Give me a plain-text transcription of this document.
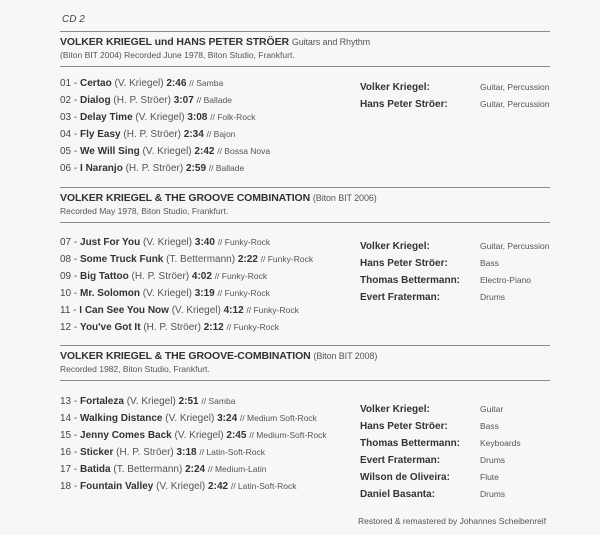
CD 2
VOLKER KRIEGEL und HANS PETER STRÖER Guitars and Rhythm
(Biton BIT 2004) Recorded June 1978, Biton Studio, Frankfurt.
01 - Certao (V. Kriegel) 2:46 // Samba
02 - Dialog (H. P. Ströer) 3:07 // Ballade
03 - Delay Time (V. Kriegel) 3:08 // Folk-Rock
04 - Fly Easy (H. P. Ströer) 2:34 // Bajon
05 - We Will Sing (V. Kriegel) 2:42 // Bossa Nova
06 - I Naranjo (H. P. Ströer) 2:59 // Ballade
Volker Kriegel:	Guitar, Percussion
Hans Peter Ströer:	Guitar, Percussion
VOLKER KRIEGEL & THE GROOVE COMBINATION (Biton BIT 2006)
Recorded May 1978, Biton Studio, Frankfurt.
07 - Just For You (V. Kriegel) 3:40 // Funky-Rock
08 - Some Truck Funk (T. Bettermann) 2:22 // Funky-Rock
09 - Big Tattoo (H. P. Ströer) 4:02 // Funky-Rock
10 - Mr. Solomon (V. Kriegel) 3:19 // Funky-Rock
11 - I Can See You Now (V. Kriegel) 4:12 // Funky-Rock
12 - You've Got It (H. P. Ströer) 2:12 // Funky-Rock
Volker Kriegel:	Guitar, Percussion
Hans Peter Ströer:	Bass
Thomas Bettermann: Electro-Piano
Evert Fraterman:	Drums
VOLKER KRIEGEL & THE GROOVE-COMBINATION (Biton BIT 2008)
Recorded 1982, Biton Studio, Frankfurt.
13 - Fortaleza (V. Kriegel) 2:51 // Samba
14 - Walking Distance (V. Kriegel) 3:24 // Medium Soft-Rock
15 - Jenny Comes Back (V. Kriegel) 2:45 // Medium-Soft-Rock
16 - Sticker (H. P. Ströer) 3:18 // Latin-Soft-Rock
17 - Batida (T. Bettermann) 2:24 // Medium-Latin
18 - Fountain Valley (V. Kriegel) 2:42 // Latin-Soft-Rock
Volker Kriegel:	Guitar
Hans Peter Ströer:	Bass
Thomas Bettermann: Keyboards
Evert Fraterman:	Drums
Wilson de Oliveira:	Flute
Daniel Basanta:	Drums
Restored & remastered by Johannes Scheibenreif
